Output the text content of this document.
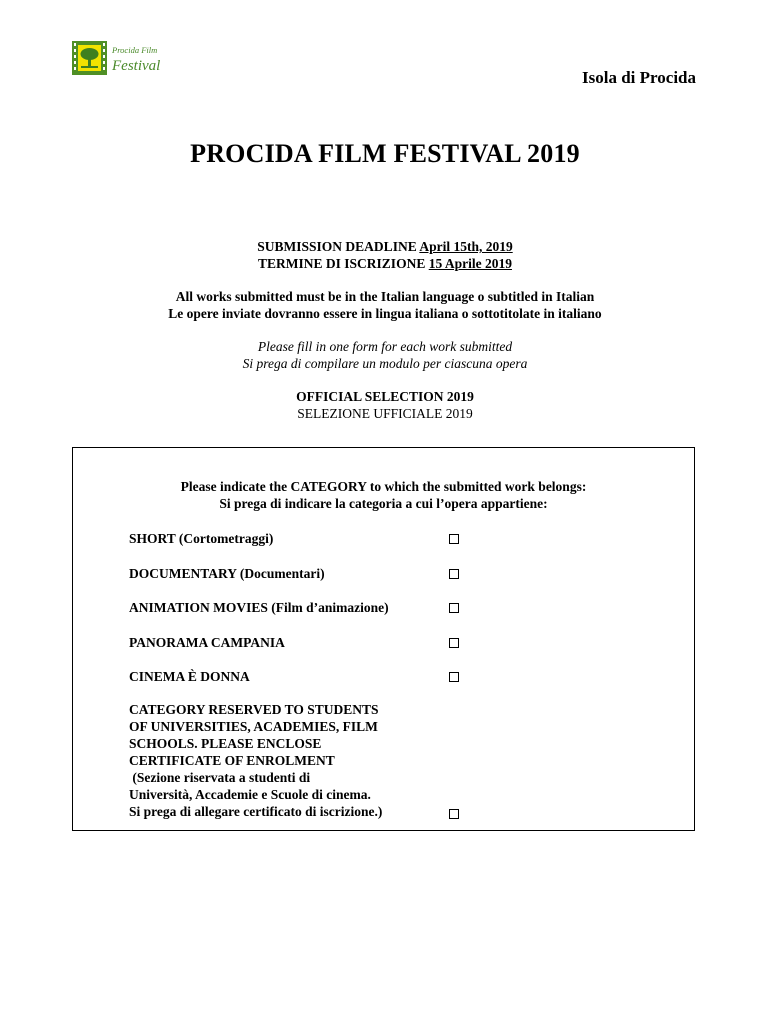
Procida Film
Festival
Isola di Procida
PROCIDA FILM FESTIVAL 2019
SUBMISSION DEADLINE April 15th, 2019
TERMINE DI ISCRIZIONE 15 Aprile 2019
All works submitted must be in the Italian language o subtitled in Italian
Le opere inviate dovranno essere in lingua italiana o sottotitolate in italiano
Please fill in one form for each work submitted
Si prega di compilare un modulo per ciascuna opera
OFFICIAL SELECTION 2019
SELEZIONE UFFICIALE 2019
Please indicate the CATEGORY to which the submitted work belongs:
Si prega di indicare la categoria a cui l’opera appartiene:
SHORT (Cortometraggi)
DOCUMENTARY (Documentari)
ANIMATION MOVIES (Film d’animazione)
PANORAMA CAMPANIA
CINEMA È DONNA
CATEGORY RESERVED TO STUDENTS
OF UNIVERSITIES, ACADEMIES, FILM
SCHOOLS. PLEASE ENCLOSE
CERTIFICATE OF ENROLMENT
(Sezione riservata a studenti di
Università, Accademie e Scuole di cinema.
Si prega di allegare certificato di iscrizione.)
